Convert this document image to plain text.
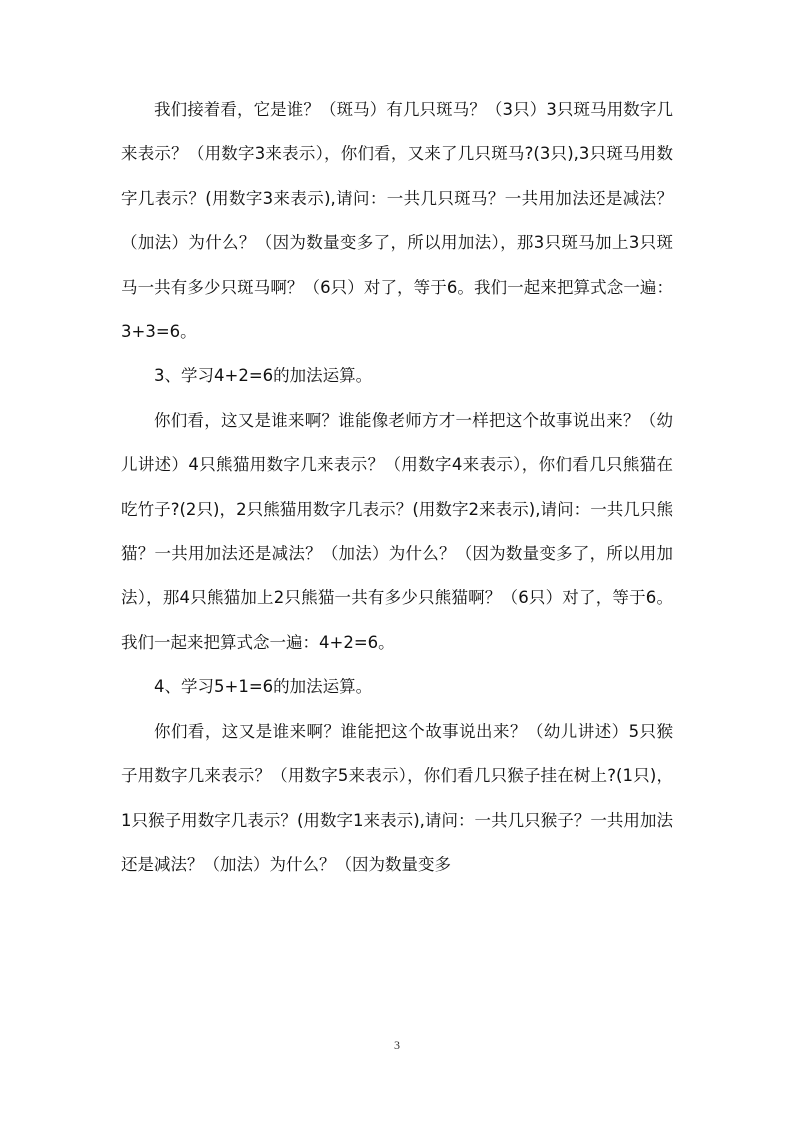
我们接着看，它是谁？（斑马）有几只斑马？（3只）3只斑马用数字几来表示？（用数字3来表示），你们看，又来了几只斑马?(3只),3只斑马用数字几表示？(用数字3来表示),请问：一共几只斑马？一共用加法还是减法？（加法）为什么？（因为数量变多了，所以用加法），那3只斑马加上3只斑马一共有多少只斑马啊？（6只）对了，等于6。我们一起来把算式念一遍：3+3=6。

3、学习4+2=6的加法运算。

你们看，这又是谁来啊？谁能像老师方才一样把这个故事说出来？（幼儿讲述）4只熊猫用数字几来表示？（用数字4来表示），你们看几只熊猫在吃竹子?(2只)，2只熊猫用数字几表示？(用数字2来表示),请问：一共几只熊猫？一共用加法还是减法？（加法）为什么？（因为数量变多了，所以用加法），那4只熊猫加上2只熊猫一共有多少只熊猫啊？（6只）对了，等于6。我们一起来把算式念一遍：4+2=6。

4、学习5+1=6的加法运算。

你们看，这又是谁来啊？谁能把这个故事说出来？（幼儿讲述）5只猴子用数字几来表示？（用数字5来表示），你们看几只猴子挂在树上?(1只)，1只猴子用数字几表示？(用数字1来表示),请问：一共几只猴子？一共用加法还是减法？（加法）为什么？（因为数量变多

3
